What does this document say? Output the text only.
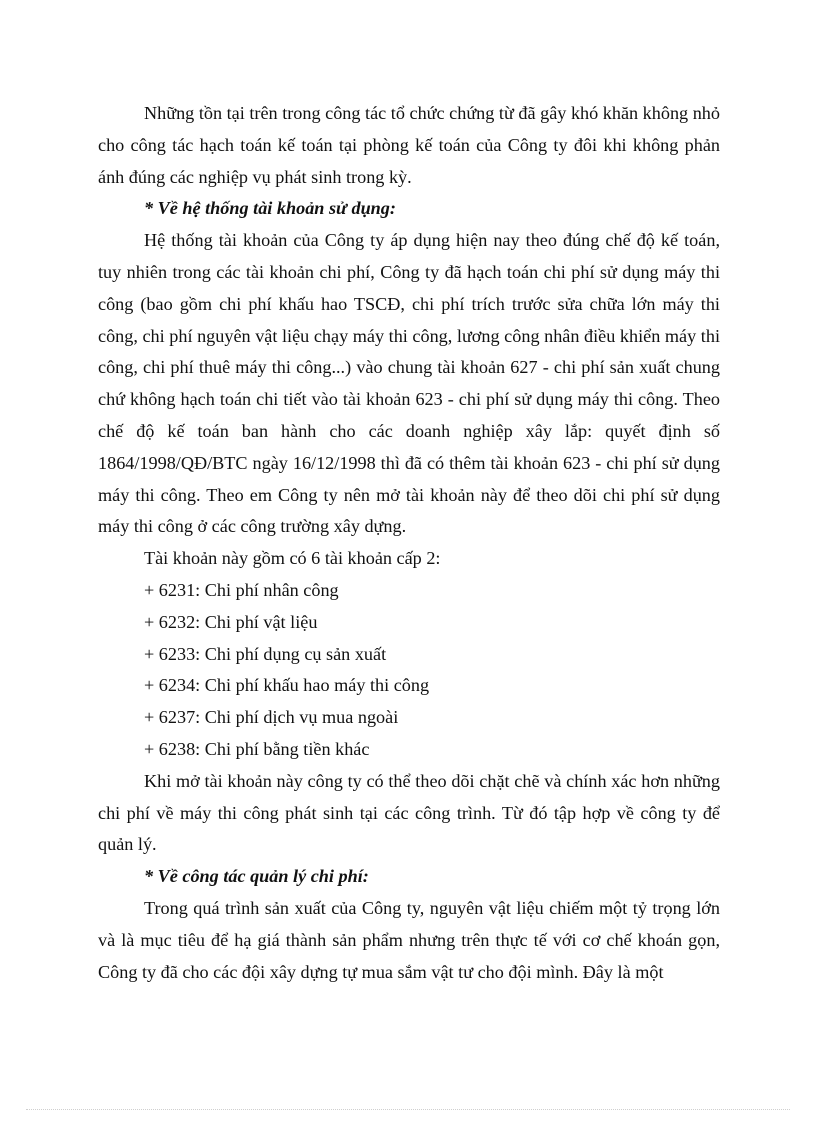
Những tồn tại trên trong công tác tổ chức chứng từ đã gây khó khăn không nhỏ cho công tác hạch toán kế toán tại phòng kế toán của Công ty đôi khi không phản ánh đúng các nghiệp vụ phát sinh trong kỳ.

* Về hệ thống tài khoản sử dụng:

Hệ thống tài khoản của Công ty áp dụng hiện nay theo đúng chế độ kế toán, tuy nhiên trong các tài khoản chi phí, Công ty đã hạch toán chi phí sử dụng máy thi công (bao gồm chi phí khấu hao TSCĐ, chi phí trích trước sửa chữa lớn máy thi công, chi phí nguyên vật liệu chạy máy thi công, lương công nhân điều khiển máy thi công, chi phí thuê máy thi công...) vào chung tài khoản 627 - chi phí sản xuất chung chứ không hạch toán chi tiết vào tài khoản 623 - chi phí sử dụng máy thi công. Theo chế độ kế toán ban hành cho các doanh nghiệp xây lắp: quyết định số 1864/1998/QĐ/BTC ngày 16/12/1998 thì đã có thêm tài khoản 623 - chi phí sử dụng máy thi công. Theo em Công ty nên mở tài khoản này để theo dõi chi phí sử dụng máy thi công ở các công trường xây dựng.

Tài khoản này gồm có 6 tài khoản cấp 2:

+ 6231: Chi phí nhân công

+ 6232: Chi phí vật liệu

+ 6233: Chi phí dụng cụ sản xuất

+ 6234: Chi phí khấu hao máy thi công

+ 6237: Chi phí dịch vụ mua ngoài

+ 6238: Chi phí bằng tiền khác

Khi mở tài khoản này công ty có thể theo dõi chặt chẽ và chính xác hơn những chi phí về máy thi công phát sinh tại các công trình. Từ đó tập hợp về công ty để quản lý.

* Về công tác quản lý chi phí:

Trong quá trình sản xuất của Công ty, nguyên vật liệu chiếm một tỷ trọng lớn và là mục tiêu để hạ giá thành sản phẩm nhưng trên thực tế với cơ chế khoán gọn, Công ty đã cho các đội xây dựng tự mua sắm vật tư cho đội mình. Đây là một
